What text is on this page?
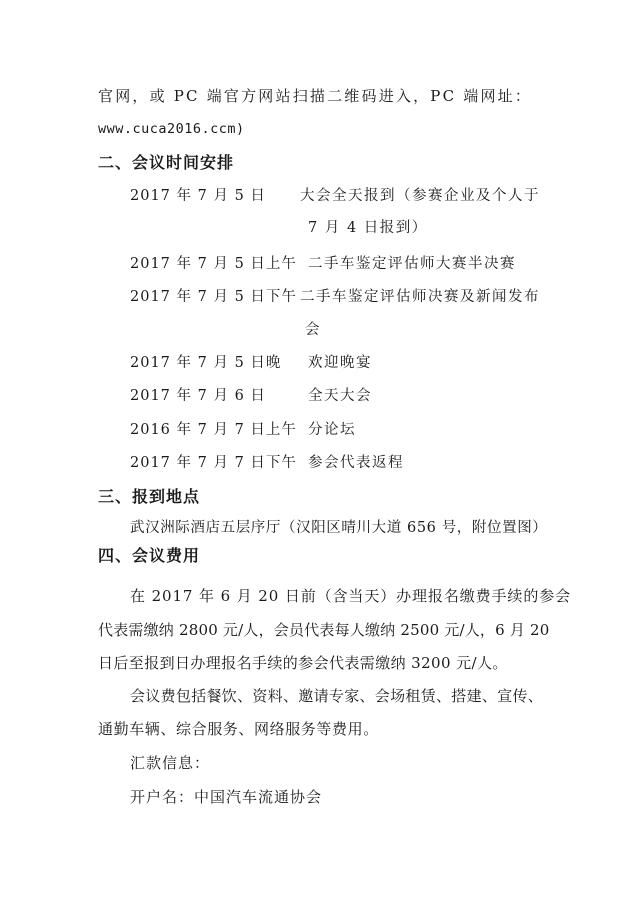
官网，或 PC 端官方网站扫描二维码进入，PC 端网址：
www.cuca2016.ccm)
二、会议时间安排
2017 年 7 月 5 日 大会全天报到（参赛企业及个人于
7 月 4 日报到）
2017 年 7 月 5 日上午 二手车鉴定评估师大赛半决赛
2017 年 7 月 5 日下午 二手车鉴定评估师决赛及新闻发布
会
2017 年 7 月 5 日晚 欢迎晚宴
2017 年 7 月 6 日	全天大会
2016 年 7 月 7 日上午 分论坛
2017 年 7 月 7 日下午 参会代表返程
三、报到地点
武汉洲际酒店五层序厅（汉阳区晴川大道 656 号，附位置图）
四、会议费用
在 2017 年 6 月 20 日前（含当天）办理报名缴费手续的参会
代表需缴纳 2800 元/人，会员代表每人缴纳 2500 元/人，6 月 20
日后至报到日办理报名手续的参会代表需缴纳 3200 元/人。
会议费包括餐饮、资料、邀请专家、会场租赁、搭建、宣传、
通勤车辆、综合服务、网络服务等费用。
汇款信息：
开户名：中国汽车流通协会
